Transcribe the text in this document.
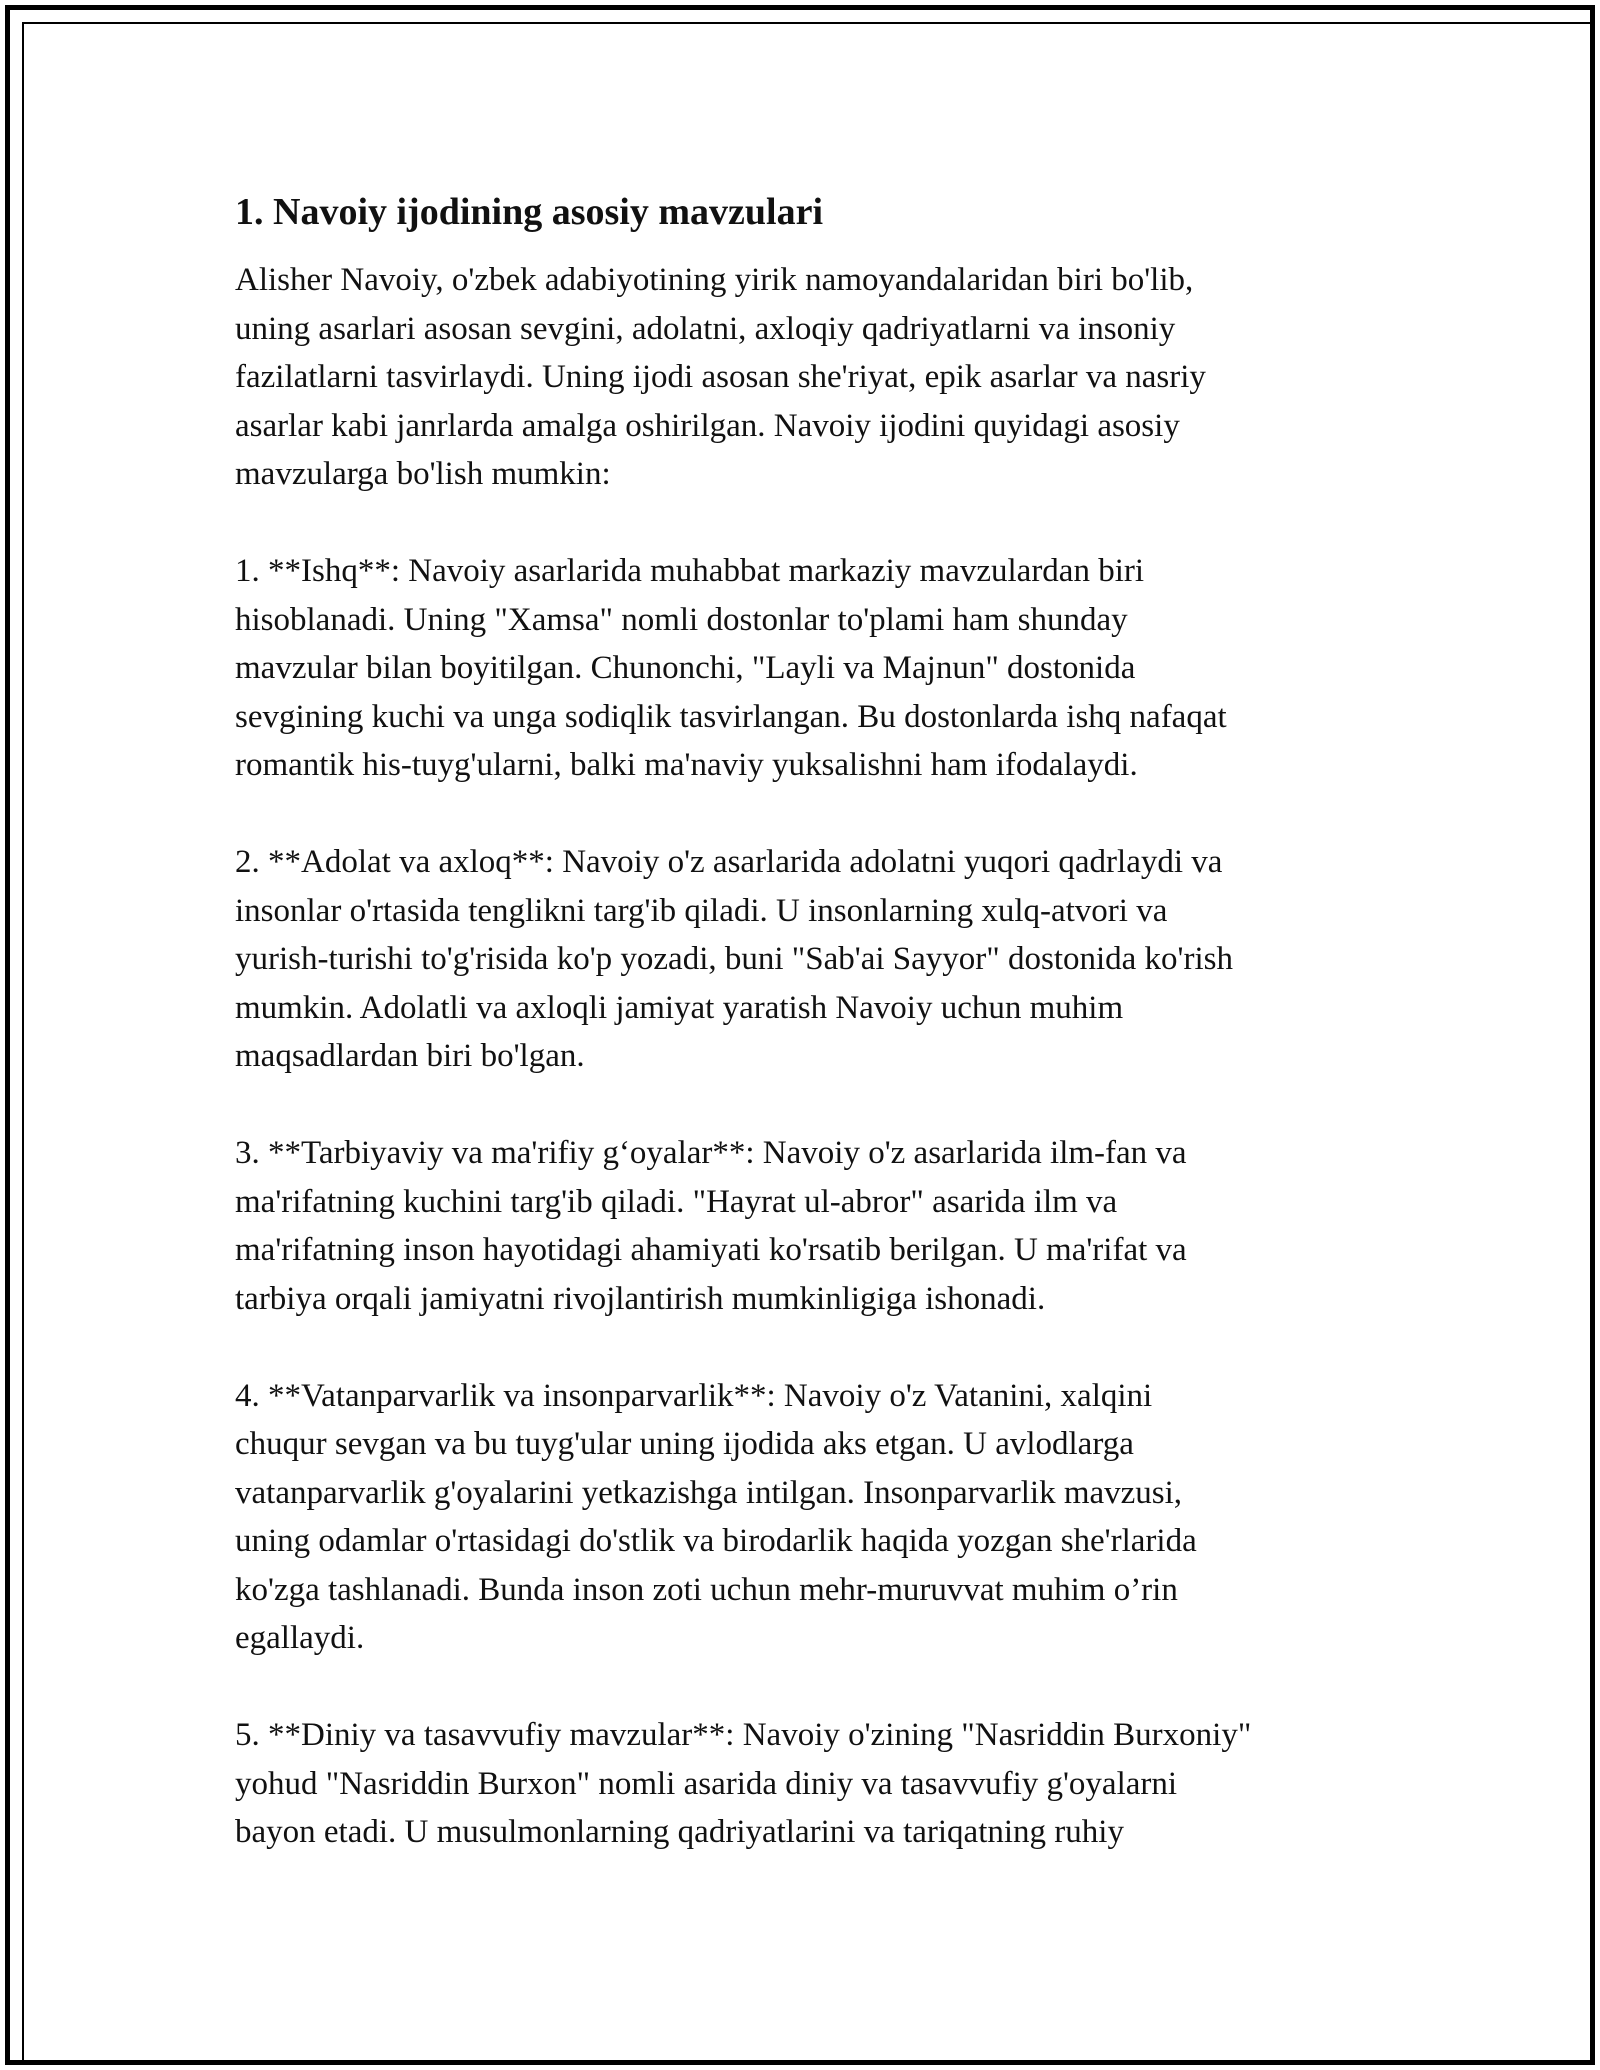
1. Navoiy ijodining asosiy mavzulari
Alisher Navoiy, o'zbek adabiyotining yirik namoyandalaridan biri bo'lib,
uning asarlari asosan sevgini, adolatni, axloqiy qadriyatlarni va insoniy
fazilatlarni tasvirlaydi. Uning ijodi asosan she'riyat, epik asarlar va nasriy
asarlar kabi janrlarda amalga oshirilgan. Navoiy ijodini quyidagi asosiy
mavzularga bo'lish mumkin:
1. **Ishq**: Navoiy asarlarida muhabbat markaziy mavzulardan biri
hisoblanadi. Uning "Xamsa" nomli dostonlar to'plami ham shunday
mavzular bilan boyitilgan. Chunonchi, "Layli va Majnun" dostonida
sevgining kuchi va unga sodiqlik tasvirlangan. Bu dostonlarda ishq nafaqat
romantik his-tuyg'ularni, balki ma'naviy yuksalishni ham ifodalaydi.
2. **Adolat va axloq**: Navoiy o'z asarlarida adolatni yuqori qadrlaydi va
insonlar o'rtasida tenglikni targ'ib qiladi. U insonlarning xulq-atvori va
yurish-turishi to'g'risida ko'p yozadi, buni "Sab'ai Sayyor" dostonida ko'rish
mumkin. Adolatli va axloqli jamiyat yaratish Navoiy uchun muhim
maqsadlardan biri bo'lgan.
3. **Tarbiyaviy va ma'rifiy g‘oyalar**: Navoiy o'z asarlarida ilm-fan va
ma'rifatning kuchini targ'ib qiladi. "Hayrat ul-abror" asarida ilm va
ma'rifatning inson hayotidagi ahamiyati ko'rsatib berilgan. U ma'rifat va
tarbiya orqali jamiyatni rivojlantirish mumkinligiga ishonadi.
4. **Vatanparvarlik va insonparvarlik**: Navoiy o'z Vatanini, xalqini
chuqur sevgan va bu tuyg'ular uning ijodida aks etgan. U avlodlarga
vatanparvarlik g'oyalarini yetkazishga intilgan. Insonparvarlik mavzusi,
uning odamlar o'rtasidagi do'stlik va birodarlik haqida yozgan she'rlarida
ko'zga tashlanadi. Bunda inson zoti uchun mehr-muruvvat muhim o’rin
egallaydi.
5. **Diniy va tasavvufiy mavzular**: Navoiy o'zining "Nasriddin Burxoniy"
yohud "Nasriddin Burxon" nomli asarida diniy va tasavvufiy g'oyalarni
bayon etadi. U musulmonlarning qadriyatlarini va tariqatning ruhiy
